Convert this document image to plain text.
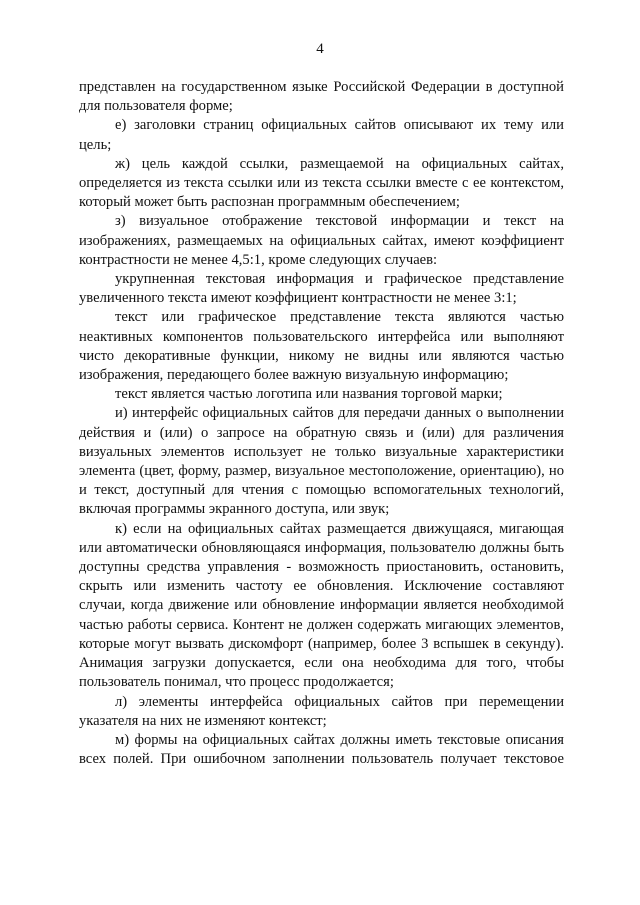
4

представлен на государственном языке Российской Федерации в доступной для пользователя форме;

е) заголовки страниц официальных сайтов описывают их тему или цель;

ж) цель каждой ссылки, размещаемой на официальных сайтах, определяется из текста ссылки или из текста ссылки вместе с ее контекстом, который может быть распознан программным обеспечением;

з) визуальное отображение текстовой информации и текст на изображениях, размещаемых на официальных сайтах, имеют коэффициент контрастности не менее 4,5:1, кроме следующих случаев:

укрупненная текстовая информация и графическое представление увеличенного текста имеют коэффициент контрастности не менее 3:1;

текст или графическое представление текста являются частью неактивных компонентов пользовательского интерфейса или выполняют чисто декоративные функции, никому не видны или являются частью изображения, передающего более важную визуальную информацию;

текст является частью логотипа или названия торговой марки;

и) интерфейс официальных сайтов для передачи данных о выполнении действия и (или) о запросе на обратную связь и (или) для различения визуальных элементов использует не только визуальные характеристики элемента (цвет, форму, размер, визуальное местоположение, ориентацию), но и текст, доступный для чтения с помощью вспомогательных технологий, включая программы экранного доступа, или звук;

к) если на официальных сайтах размещается движущаяся, мигающая или автоматически обновляющаяся информация, пользователю должны быть доступны средства управления - возможность приостановить, остановить, скрыть или изменить частоту ее обновления. Исключение составляют случаи, когда движение или обновление информации является необходимой частью работы сервиса. Контент не должен содержать мигающих элементов, которые могут вызвать дискомфорт (например, более 3 вспышек в секунду). Анимация загрузки допускается, если она необходима для того, чтобы пользователь понимал, что процесс продолжается;

л) элементы интерфейса официальных сайтов при перемещении указателя на них не изменяют контекст;

м) формы на официальных сайтах должны иметь текстовые описания всех полей. При ошибочном заполнении пользователь получает текстовое
